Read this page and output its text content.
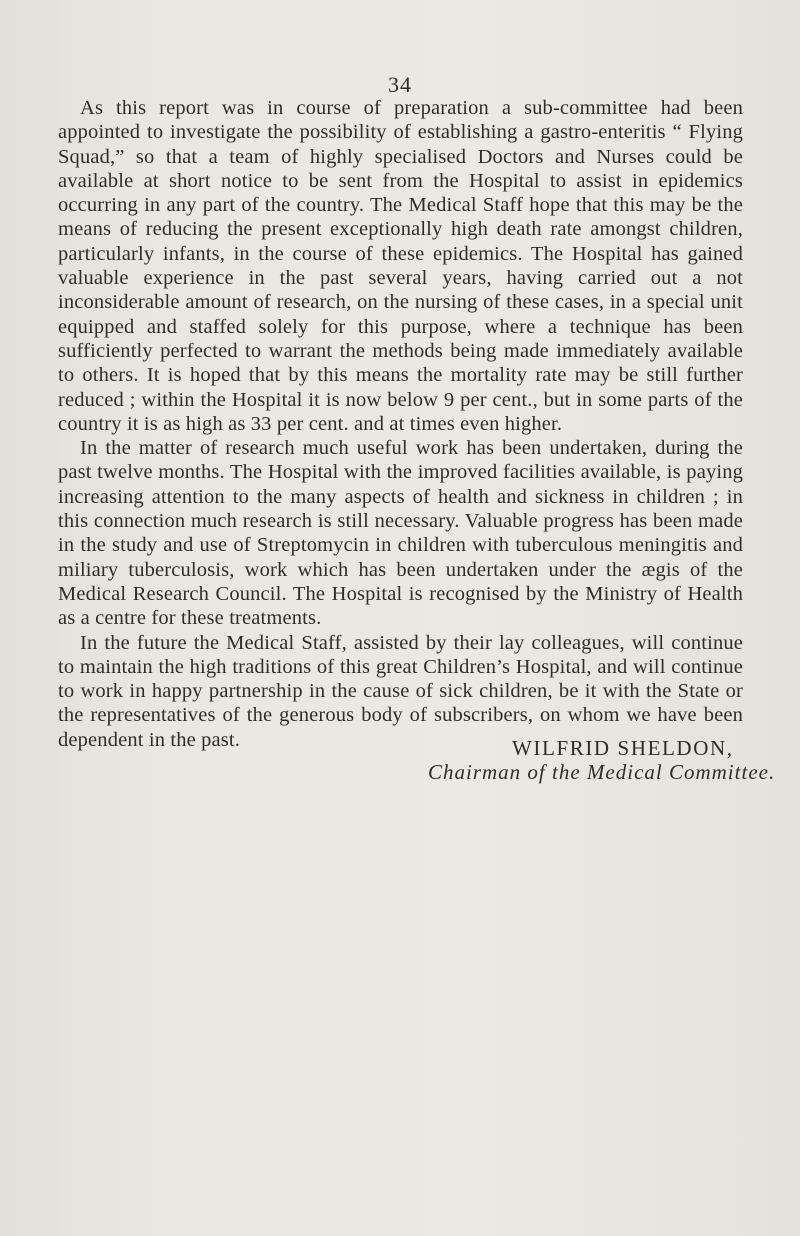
34

As this report was in course of preparation a sub-committee had been appointed to investigate the possibility of establishing a gastro-enteritis “ Flying Squad,” so that a team of highly specialised Doctors and Nurses could be available at short notice to be sent from the Hospital to assist in epidemics occurring in any part of the country. The Medical Staff hope that this may be the means of reducing the present exceptionally high death rate amongst children, particularly infants, in the course of these epidemics. The Hospital has gained valuable experience in the past several years, having carried out a not inconsiderable amount of research, on the nursing of these cases, in a special unit equipped and staffed solely for this purpose, where a technique has been sufficiently perfected to warrant the methods being made immediately available to others. It is hoped that by this means the mortality rate may be still further reduced ; within the Hospital it is now below 9 per cent., but in some parts of the country it is as high as 33 per cent. and at times even higher.

In the matter of research much useful work has been undertaken, during the past twelve months. The Hospital with the improved facilities available, is paying increasing attention to the many aspects of health and sickness in children ; in this connection much research is still necessary. Valuable progress has been made in the study and use of Streptomycin in children with tuberculous meningitis and miliary tuberculosis, work which has been undertaken under the ægis of the Medical Research Council. The Hospital is recognised by the Ministry of Health as a centre for these treatments.

In the future the Medical Staff, assisted by their lay colleagues, will continue to maintain the high traditions of this great Children’s Hospital, and will continue to work in happy partnership in the cause of sick children, be it with the State or the representatives of the generous body of subscribers, on whom we have been dependent in the past.	WILFRID SHELDON,
Chairman of the Medical Committee.
